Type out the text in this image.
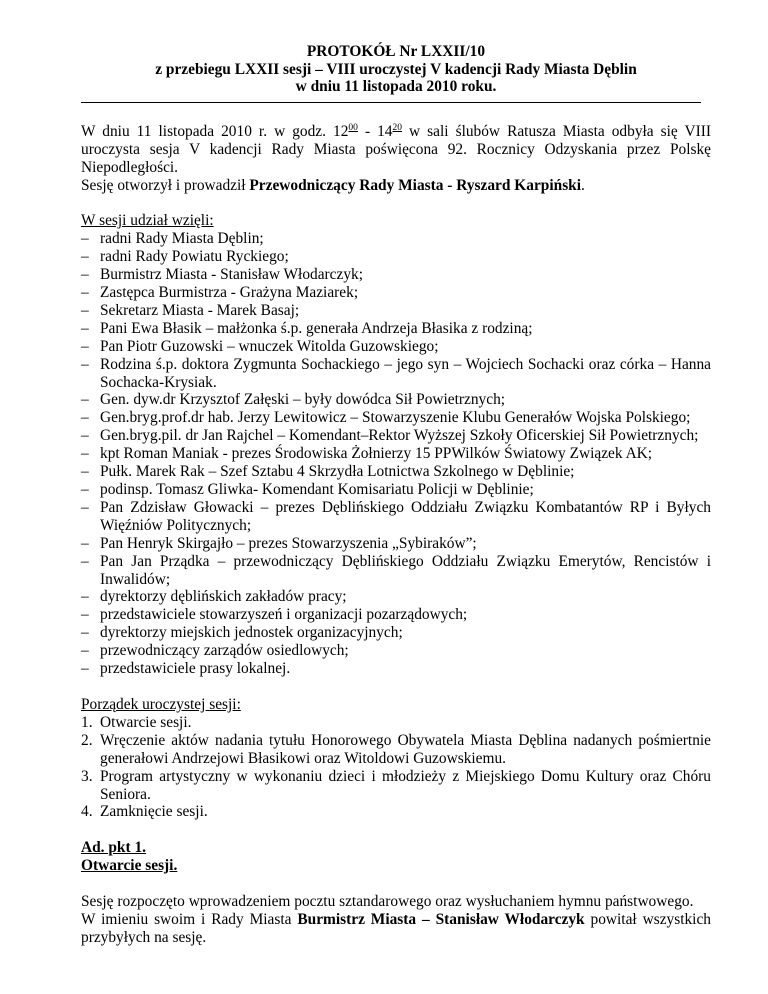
PROTOKÓŁ Nr LXXII/10
z przebiegu LXXII sesji – VIII uroczystej V kadencji Rady Miasta Dęblin
w dniu 11 listopada 2010 roku.

W dniu 11 listopada 2010 r. w godz. $12^{00} - 14^{20}$ w sali ślubów Ratusza Miasta odbyła się VIII uroczysta sesja V kadencji Rady Miasta poświęcona 92. Rocznicy Odzyskania przez Polskę Niepodległości.

Sesję otworzył i prowadził Przewodniczący Rady Miasta - Ryszard Karpiński.

W sesji udział wzięli:
– radni Rady Miasta Dęblin;
– radni Rady Powiatu Ryckiego;
– Burmistrz Miasta - Stanisław Włodarczyk;
– Zastępca Burmistrza - Grażyna Maziarek;
– Sekretarz Miasta - Marek Basaj;
– Pani Ewa Błasik – małżonka ś.p. generała Andrzeja Błasika z rodziną;
– Pan Piotr Guzowski – wnuczek Witolda Guzowskiego;
– Rodzina ś.p. doktora Zygmunta Sochackiego – jego syn – Wojciech Sochacki oraz córka – Hanna Sochacka-Krysiak.
– Gen. dyw.dr Krzysztof Załęski – były dowódca Sił Powietrznych;
– Gen.bryg.prof.dr hab. Jerzy Lewitowicz – Stowarzyszenie Klubu Generałów Wojska Polskiego;
– Gen.bryg.pil. dr Jan Rajchel – Komendant–Rektor Wyższej Szkoły Oficerskiej Sił Powietrznych;
– kpt Roman Maniak - prezes Środowiska Żołnierzy 15 PPWilków Światowy Związek AK;
– Pułk. Marek Rak – Szef Sztabu 4 Skrzydła Lotnictwa Szkolnego w Dęblinie;
– podinsp. Tomasz Gliwka- Komendant Komisariatu Policji w Dęblinie;
– Pan Zdzisław Głowacki – prezes Dęblińskiego Oddziału Związku Kombatantów RP i Byłych Więźniów Politycznych;
– Pan Henryk Skirgajło – prezes Stowarzyszenia „Sybiraków”;
– Pan Jan Prządka – przewodniczący Dęblińskiego Oddziału Związku Emerytów, Rencistów i Inwalidów;
– dyrektorzy dęblińskich zakładów pracy;
– przedstawiciele stowarzyszeń i organizacji pozarządowych;
– dyrektorzy miejskich jednostek organizacyjnych;
– przewodniczący zarządów osiedlowych;
– przedstawiciele prasy lokalnej.
Porządek uroczystej sesji:
1. Otwarcie sesji.
2. Wręczenie aktów nadania tytułu Honorowego Obywatela Miasta Dęblina nadanych pośmiertnie generałowi Andrzejowi Błasikowi oraz Witoldowi Guzowskiemu.
3. Program artystyczny w wykonaniu dzieci i młodzieży z Miejskiego Domu Kultury oraz Chóru Seniora.
4. Zamknięcie sesji.
Ad. pkt 1.
Otwarcie sesji.

Sesję rozpoczęto wprowadzeniem pocztu sztandarowego oraz wysłuchaniem hymnu państwowego.

W imieniu swoim i Rady Miasta Burmistrz Miasta – Stanisław Włodarczyk powitał wszystkich przybyłych na sesję.
